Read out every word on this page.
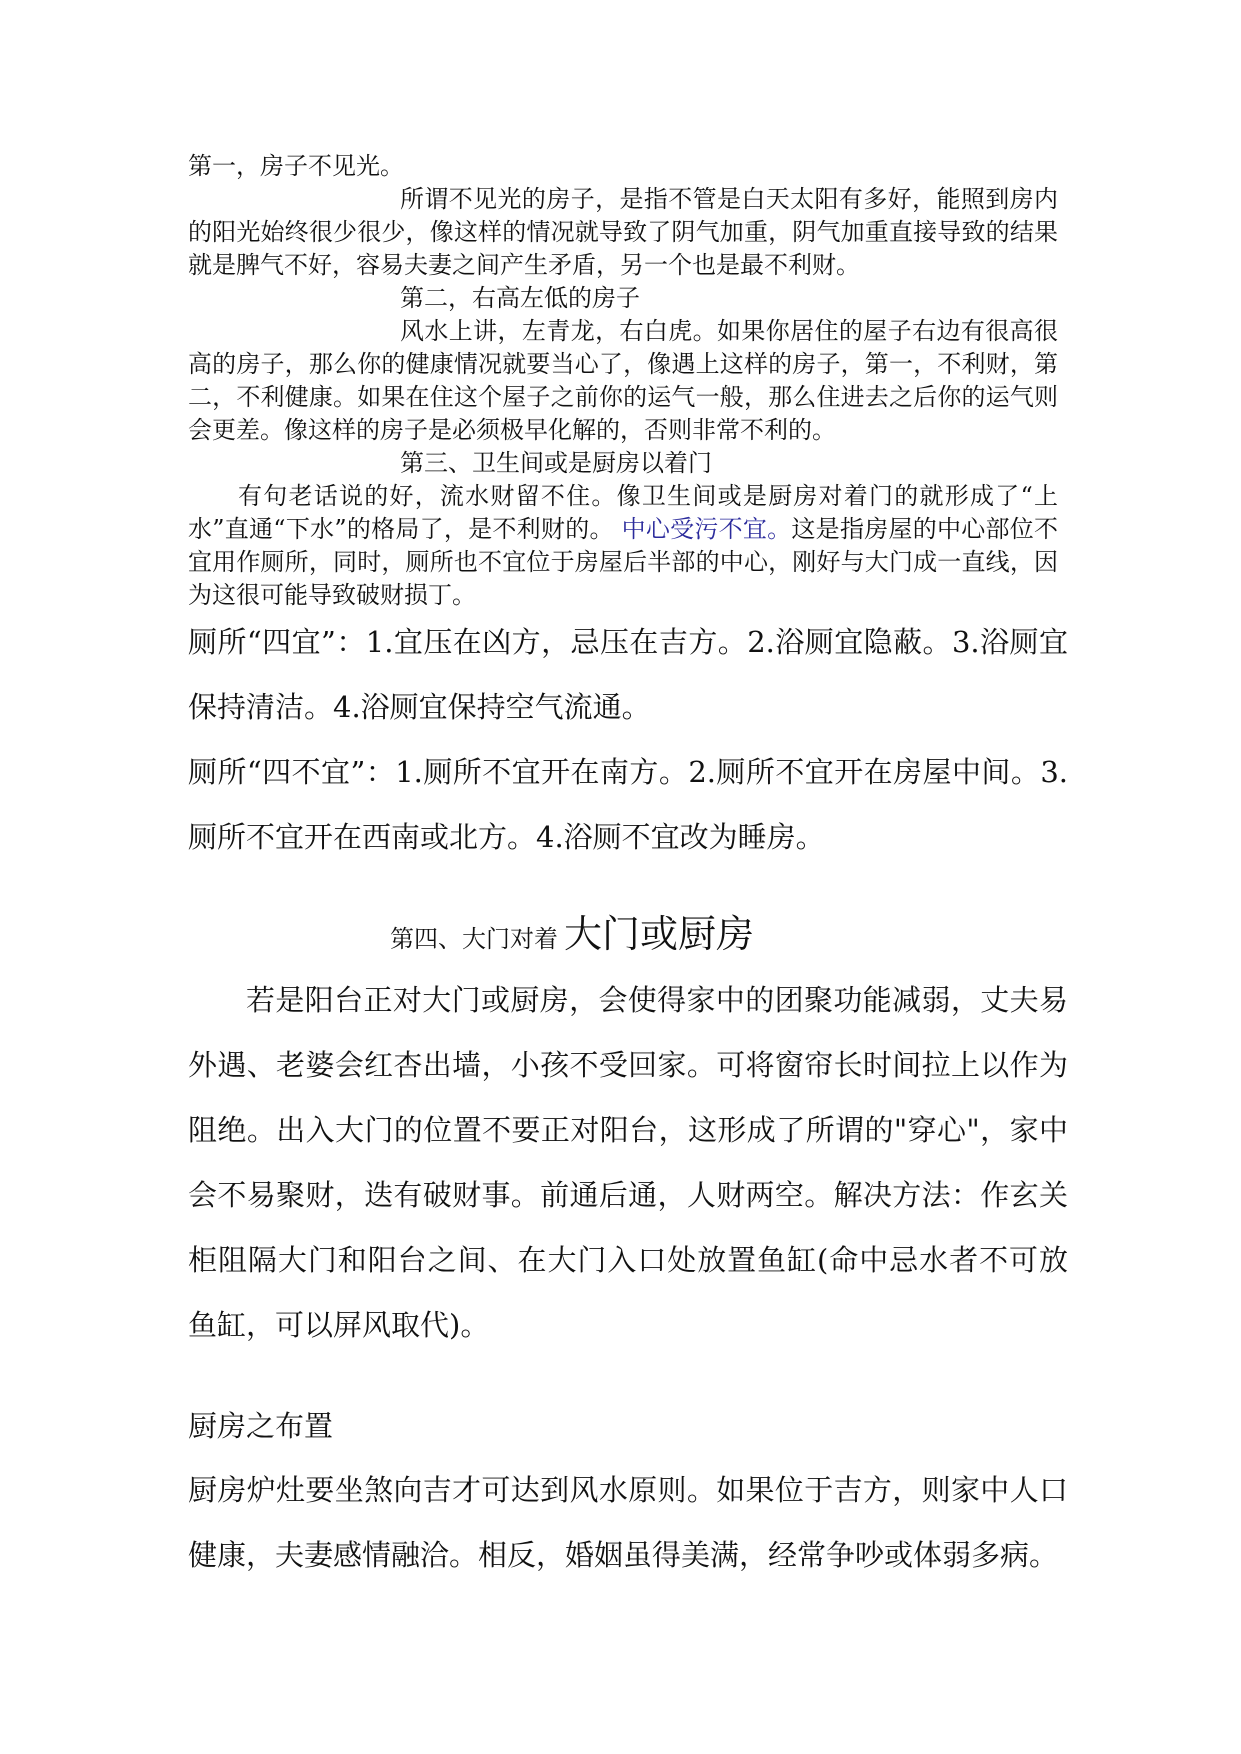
第一，房子不见光。

所谓不见光的房子，是指不管是白天太阳有多好，能照到房内的阳光始终很少很少，像这样的情况就导致了阴气加重，阴气加重直接导致的结果就是脾气不好，容易夫妻之间产生矛盾，另一个也是最不利财。

第二，右高左低的房子

风水上讲，左青龙，右白虎。如果你居住的屋子右边有很高很高的房子，那么你的健康情况就要当心了，像遇上这样的房子，第一，不利财，第二，不利健康。如果在住这个屋子之前你的运气一般，那么住进去之后你的运气则会更差。像这样的房子是必须极早化解的，否则非常不利的。

第三、卫生间或是厨房以着门

有句老话说的好，流水财留不住。像卫生间或是厨房对着门的就形成了“上水”直通“下水”的格局了，是不利财的。 中心受污不宜。这是指房屋的中心部位不宜用作厕所，同时，厕所也不宜位于房屋后半部的中心，刚好与大门成一直线，因为这很可能导致破财损丁。

厕所“四宜”：1.宜压在凶方，忌压在吉方。2.浴厕宜隐蔽。3.浴厕宜保持清洁。4.浴厕宜保持空气流通。

厕所“四不宜”：1.厕所不宜开在南方。2.厕所不宜开在房屋中间。3.厕所不宜开在西南或北方。4.浴厕不宜改为睡房。

第四、大门对着 大门或厨房

若是阳台正对大门或厨房，会使得家中的团聚功能减弱，丈夫易外遇、老婆会红杏出墙，小孩不受回家。可将窗帘长时间拉上以作为阻绝。出入大门的位置不要正对阳台，这形成了所谓的"穿心"，家中会不易聚财，迭有破财事。前通后通，人财两空。解决方法：作玄关柜阻隔大门和阳台之间、在大门入口处放置鱼缸(命中忌水者不可放鱼缸，可以屏风取代)。

厨房之布置

厨房炉灶要坐煞向吉才可达到风水原则。如果位于吉方，则家中人口健康，夫妻感情融洽。相反，婚姻虽得美满，经常争吵或体弱多病。
